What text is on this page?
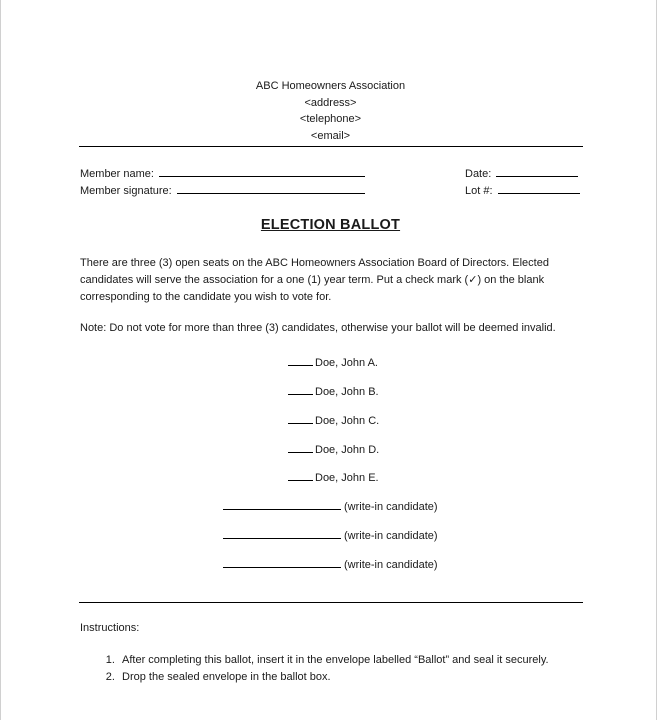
ABC Homeowners Association
<address>
<telephone>
<email>
Member name:
Member signature:
Date:
Lot #:
ELECTION BALLOT
There are three (3) open seats on the ABC Homeowners Association Board of Directors. Elected candidates will serve the association for a one (1) year term. Put a check mark (✓) on the blank corresponding to the candidate you wish to vote for.
Note: Do not vote for more than three (3) candidates, otherwise your ballot will be deemed invalid.
Doe, John A.
Doe, John B.
Doe, John C.
Doe, John D.
Doe, John E.
(write-in candidate)
(write-in candidate)
(write-in candidate)
Instructions:
1. After completing this ballot, insert it in the envelope labelled “Ballot” and seal it securely.
2. Drop the sealed envelope in the ballot box.
